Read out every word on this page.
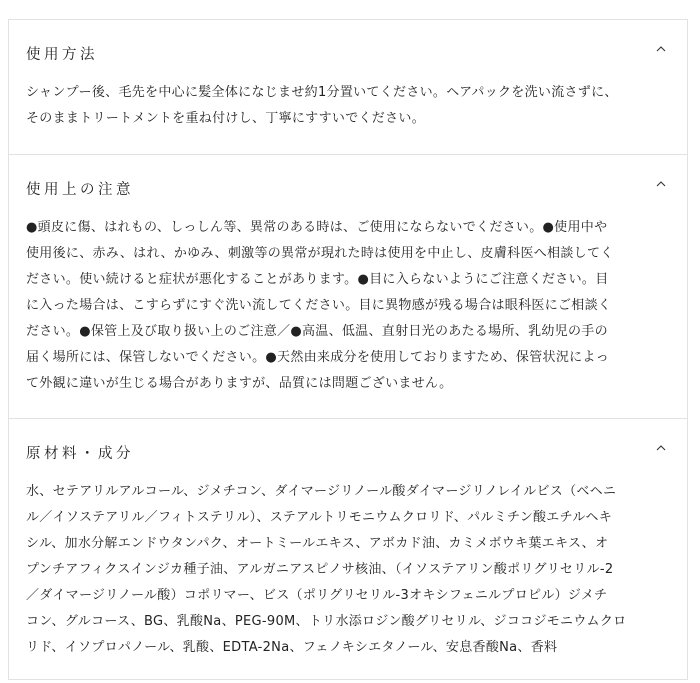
使用方法
シャンプー後、毛先を中心に髪全体になじませ約1分置いてください。ヘアパックを洗い流さずに、
そのままトリートメントを重ね付けし、丁寧にすすいでください。
使用上の注意
●頭皮に傷、はれもの、しっしん等、異常のある時は、ご使用にならないでください。●使用中や
使用後に、赤み、はれ、かゆみ、刺激等の異常が現れた時は使用を中止し、皮膚科医へ相談してく
ださい。使い続けると症状が悪化することがあります。●目に入らないようにご注意ください。目
に入った場合は、こすらずにすぐ洗い流してください。目に異物感が残る場合は眼科医にご相談く
ださい。●保管上及び取り扱い上のご注意／●高温、低温、直射日光のあたる場所、乳幼児の手の
届く場所には、保管しないでください。●天然由来成分を使用しておりますため、保管状況によっ
て外観に違いが生じる場合がありますが、品質には問題ございません。
原材料・成分
水、セテアリルアルコール、ジメチコン、ダイマージリノール酸ダイマージリノレイルビス（ベヘニ
ル／イソステアリル／フィトステリル）、ステアルトリモニウムクロリド、パルミチン酸エチルヘキ
シル、加水分解エンドウタンパク、オートミールエキス、アボカド油、カミメボウキ葉エキス、オ
プンチアフィクスインジカ種子油、アルガニアスピノサ核油、（イソステアリン酸ポリグリセリル-2
／ダイマージリノール酸）コポリマー、ビス（ポリグリセリル-3オキシフェニルプロピル）ジメチ
コン、グルコース、BG、乳酸Na、PEG-90M、トリ水添ロジン酸グリセリル、ジココジモニウムクロ
リド、イソプロパノール、乳酸、EDTA-2Na、フェノキシエタノール、安息香酸Na、香料
